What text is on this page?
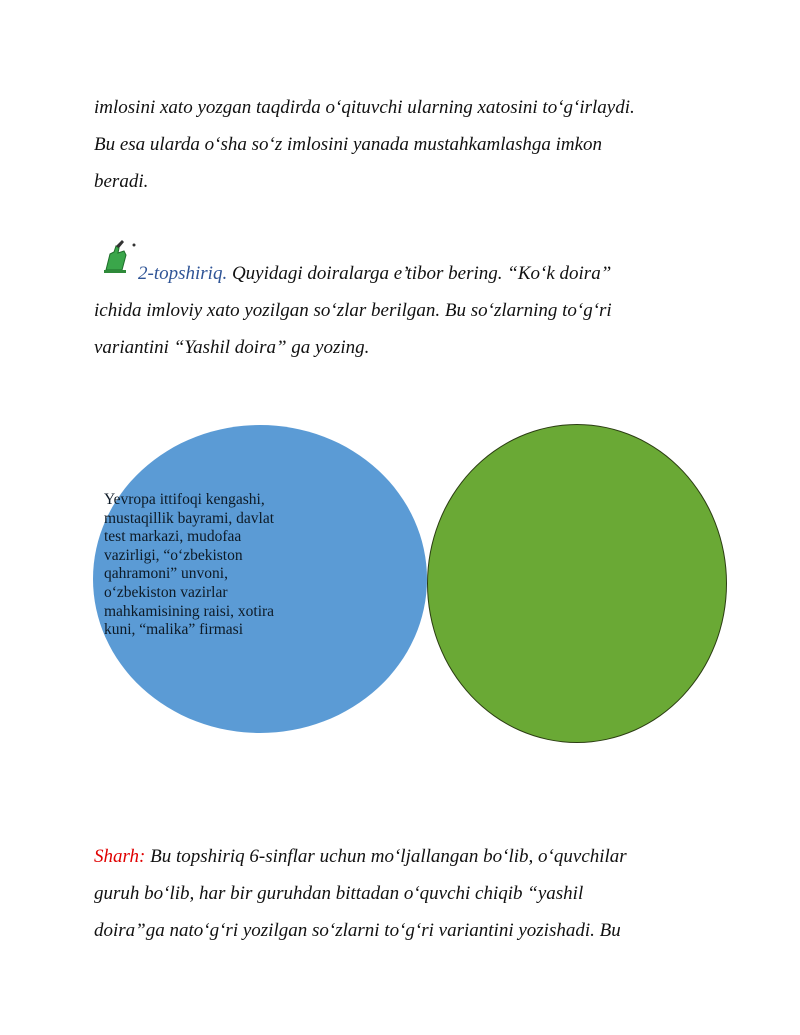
imlosini xato yozgan taqdirda o‘qituvchi ularning xatosini to‘g‘irlaydi.
Bu esa ularda o‘sha so‘z imlosini yanada mustahkamlashga imkon
beradi.
2-topshiriq. Quyidagi doiralarga e’tibor bering. “Ko‘k doira”
ichida imloviy xato yozilgan so‘zlar berilgan. Bu so‘zlarning to‘g‘ri
variantini “Yashil doira” ga yozing.
Yevropa ittifoqi kengashi,
mustaqillik bayrami, davlat
test markazi, mudofaa
vazirligi, “o‘zbekiston
qahramoni” unvoni,
o‘zbekiston vazirlar
mahkamisining raisi, xotira
kuni, “malika” firmasi
Sharh: Bu topshiriq 6-sinflar uchun mo‘ljallangan bo‘lib, o‘quvchilar
guruh bo‘lib, har bir guruhdan bittadan o‘quvchi chiqib “yashil
doira”ga nato‘g‘ri yozilgan so‘zlarni to‘g‘ri variantini yozishadi. Bu
